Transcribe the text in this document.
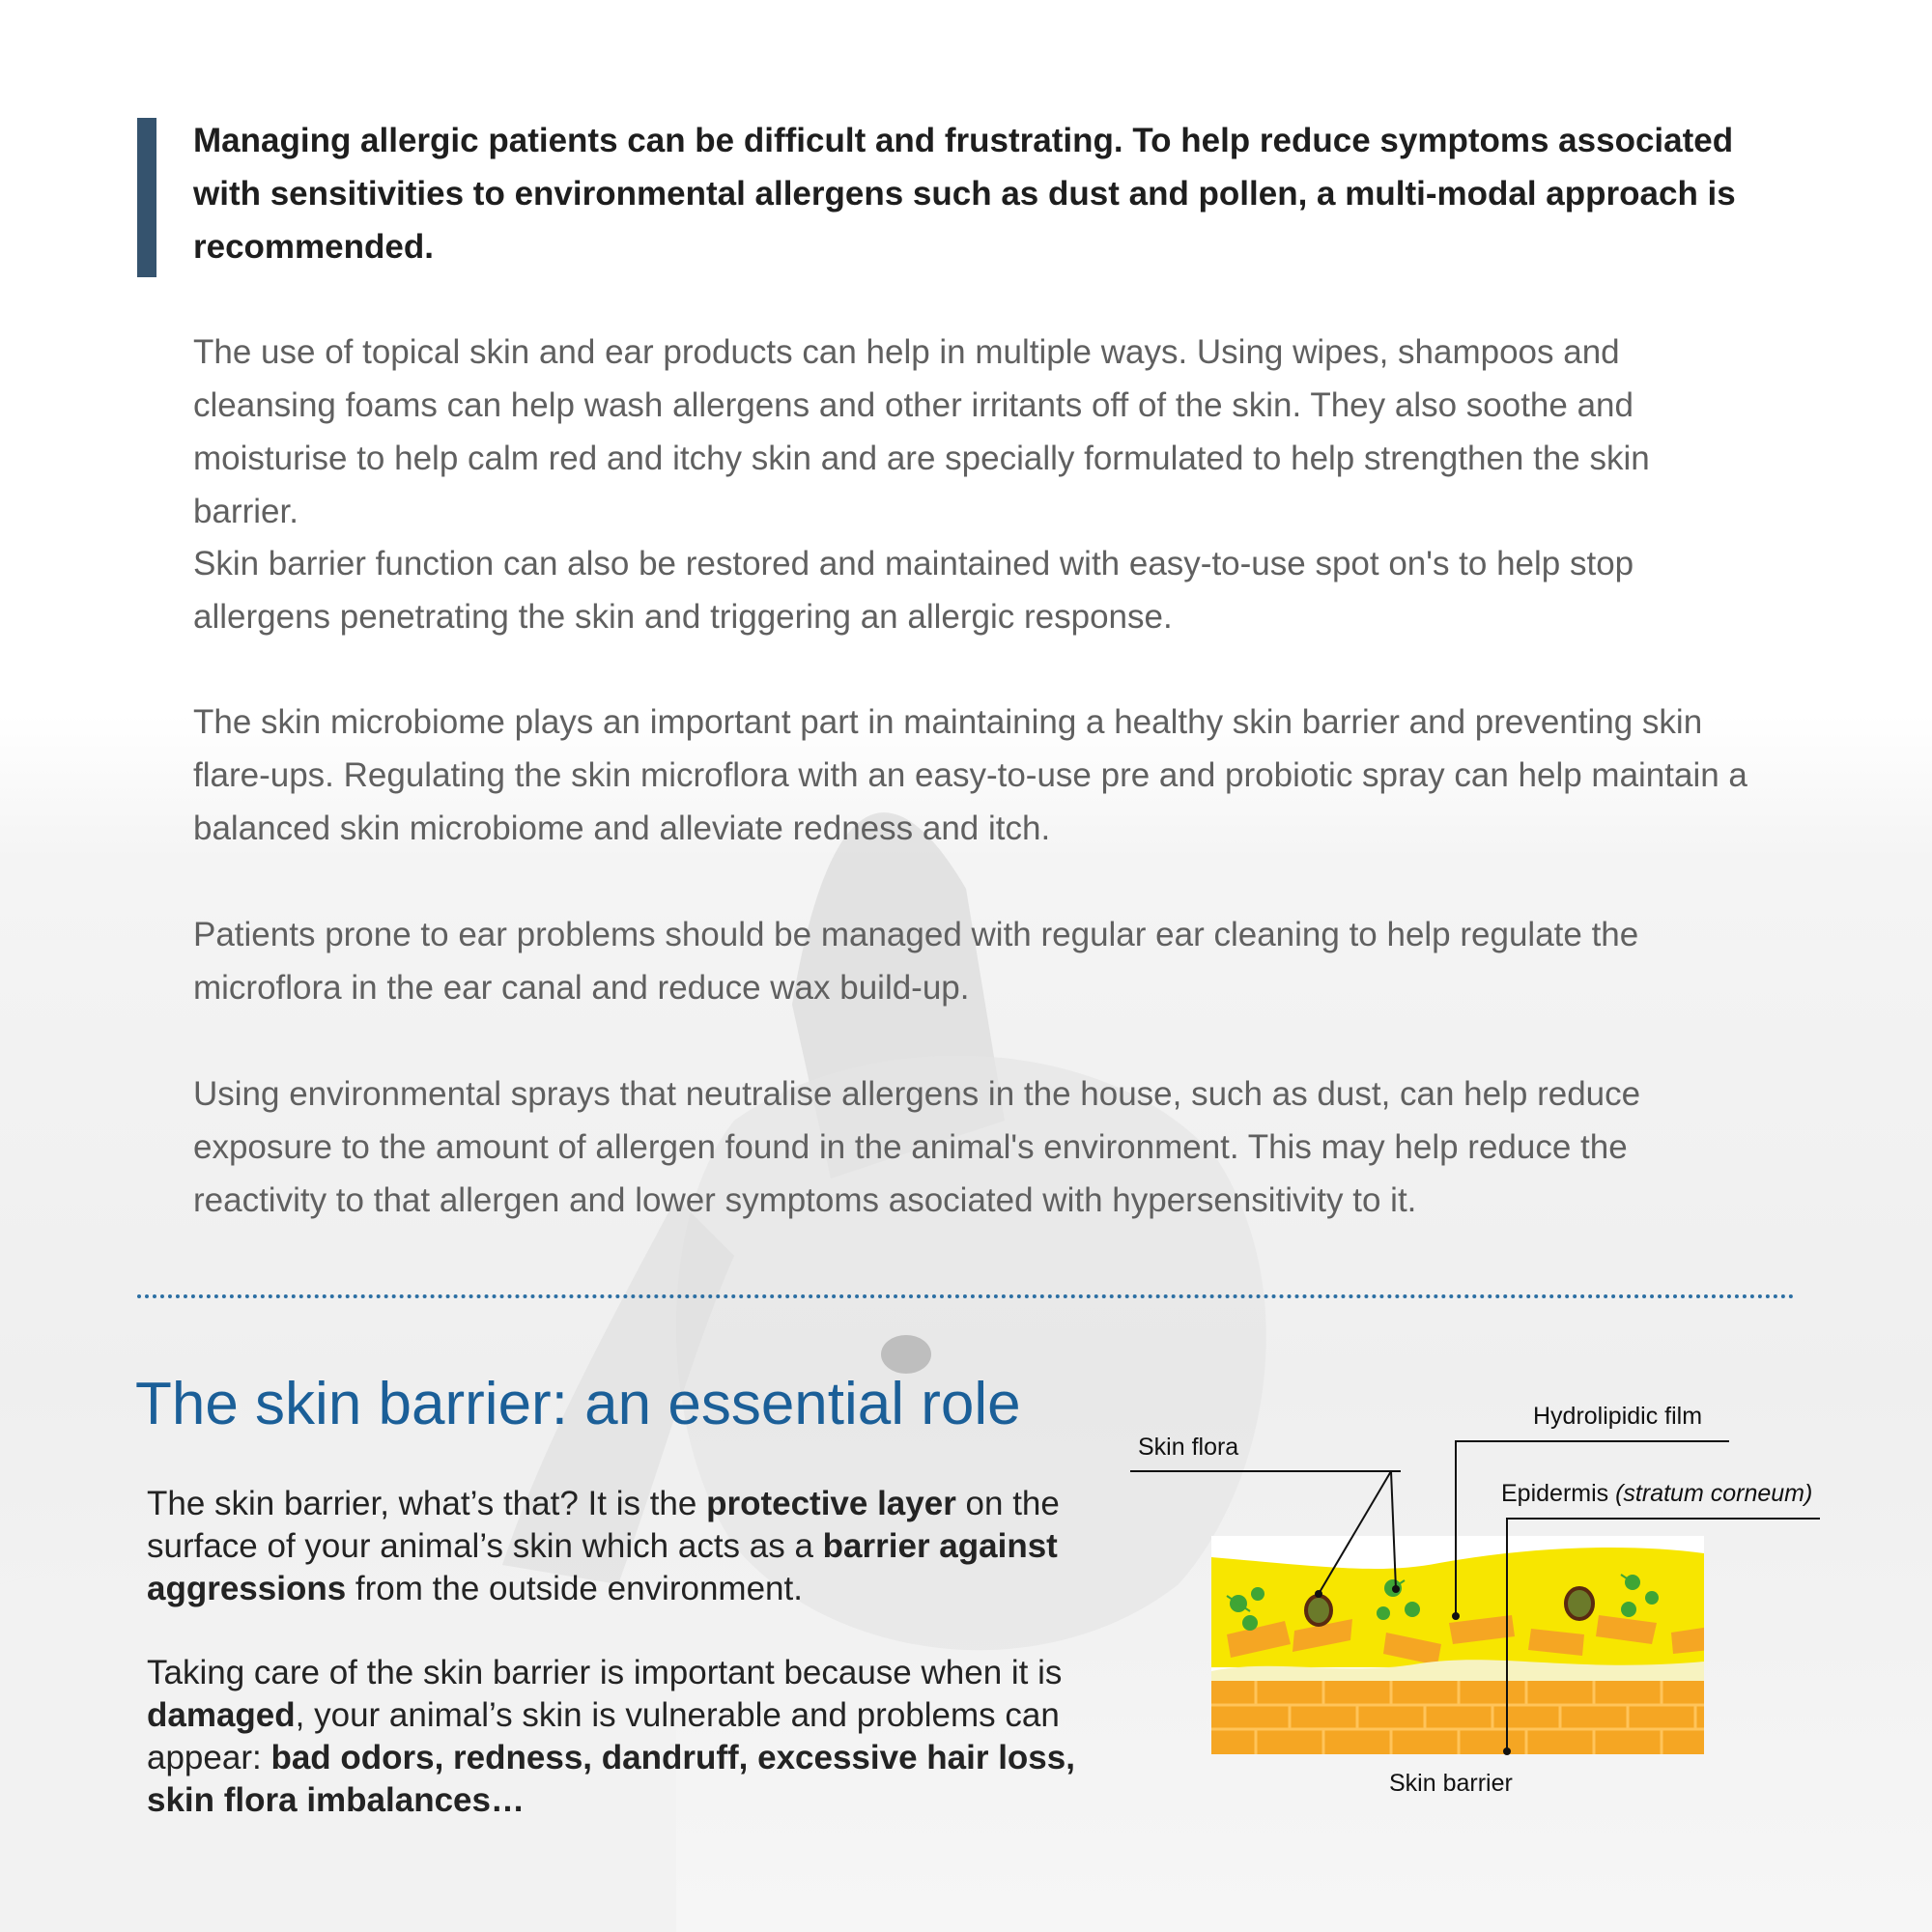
Managing allergic patients can be difficult and frustrating. To help reduce symptoms associated with sensitivities to environmental allergens such as dust and pollen, a multi-modal approach is recommended.

The use of topical skin and ear products can help in multiple ways. Using wipes, shampoos and cleansing foams can help wash allergens and other irritants off of the skin. They also soothe and moisturise to help calm red and itchy skin and are specially formulated to help strengthen the skin barrier.

Skin barrier function can also be restored and maintained with easy-to-use spot on's to help stop allergens penetrating the skin and triggering an allergic response.

The skin microbiome plays an important part in maintaining a healthy skin barrier and preventing skin flare-ups. Regulating the skin microflora with an easy-to-use pre and probiotic spray can help maintain a balanced skin microbiome and alleviate redness and itch.

Patients prone to ear problems should be managed with regular ear cleaning to help regulate the microflora in the ear canal and reduce wax build-up.

Using environmental sprays that neutralise allergens in the house, such as dust, can help reduce exposure to the amount of allergen found in the animal's environment. This may help reduce the reactivity to that allergen and lower symptoms asociated with hypersensitivity to it.

The skin barrier: an essential role

The skin barrier, what’s that? It is the protective layer on the surface of your animal’s skin which acts as a barrier against aggressions from the outside environment.

Taking care of the skin barrier is important because when it is damaged, your animal’s skin is vulnerable and problems can appear: bad odors, redness, dandruff, excessive hair loss, skin flora imbalances…

Hydrolipidic film
Skin flora
Epidermis (stratum corneum)
Skin barrier
